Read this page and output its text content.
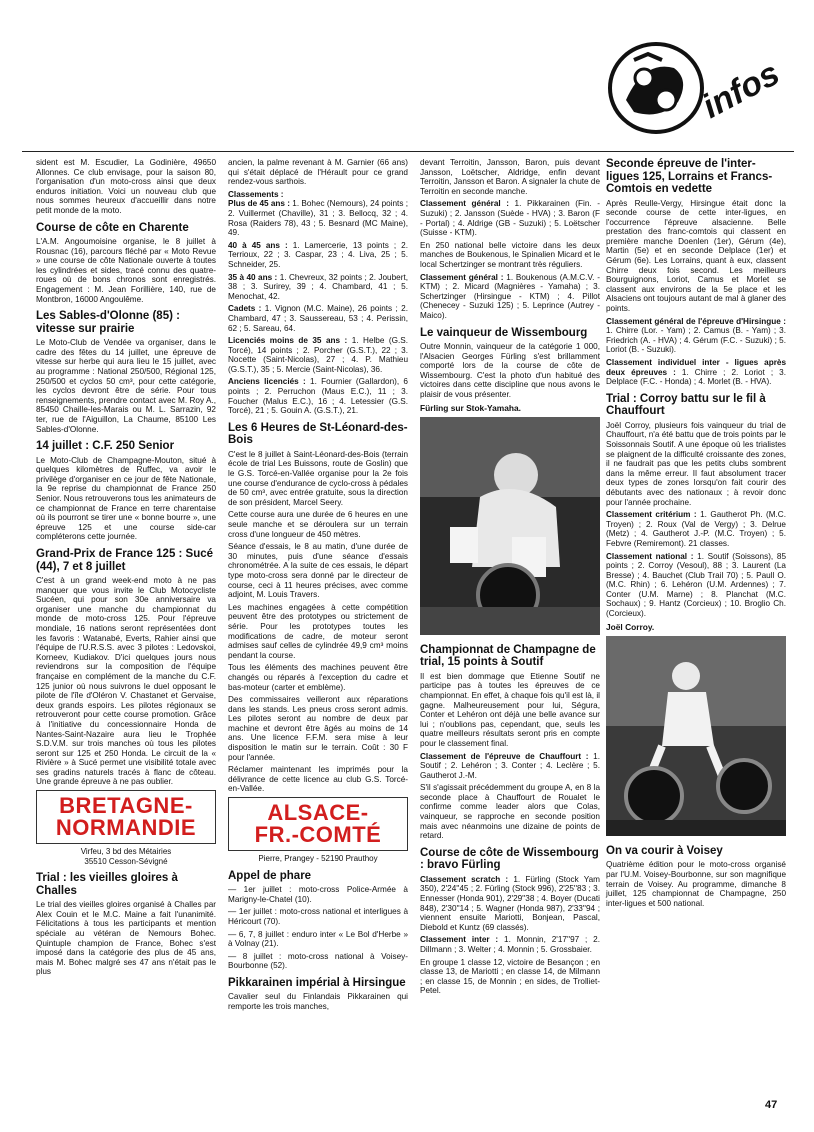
infos

sident est M. Escudier, La Godinière, 49650 Allonnes. Ce club envisage, pour la saison 80, l'organisation d'un moto-cross ainsi que deux enduros initiation. Voici un nouveau club que nous sommes heureux d'accueillir dans notre petit monde de la moto.

Course de côte en Charente

L'A.M. Angoumoisine organise, le 8 juillet à Rousnac (16), parcours fléché par « Moto Revue » une course de côte Nationale ouverte à toutes les cylindrées et sides, tracé connu des quatre-roues où de bons chronos sont enregistrés. Engagement : M. Jean Forillière, 140, rue de Montbron, 16000 Angoulême.

Les Sables-d'Olonne (85) : vitesse sur prairie

Le Moto-Club de Vendée va organiser, dans le cadre des fêtes du 14 juillet, une épreuve de vitesse sur herbe qui aura lieu le 15 juillet, avec au programme : National 250/500, Régional 125, 250/500 et cyclos 50 cm³, pour cette catégorie, les cyclos devront être de série. Pour tous renseignements, prendre contact avec M. Roy A., 85450 Chaille-les-Marais ou M. L. Sarrazin, 92 ter, rue de l'Aiguillon, La Chaume, 85100 Les Sables-d'Olonne.

14 juillet : C.F. 250 Senior

Le Moto-Club de Champagne-Mouton, situé à quelques kilomètres de Ruffec, va avoir le privilège d'organiser en ce jour de fête Nationale, la 9e reprise du championnat de France 250 Senior. Nous retrouverons tous les animateurs de ce championnat de France en terre charentaise où ils pourront se tirer une « bonne bourre », une épreuve 125 et une course side-car compléterons cette journée.

Grand-Prix de France 125 : Sucé (44), 7 et 8 juillet

C'est à un grand week-end moto à ne pas manquer que vous invite le Club Motocycliste Sucéen, qui pour son 30e anniversaire va organiser une manche du championnat du monde de moto-cross 125. Pour l'épreuve mondiale, 16 nations seront représentées dont les favoris : Watanabé, Everts, Rahier ainsi que l'équipe de l'U.R.S.S. avec 3 pilotes : Ledovskoi, Korneev, Kudiakov. D'ici quelques jours nous reviendrons sur la composition de l'équipe française en complément de la manche du C.F. 125 junior où nous suivrons le duel opposant le pilote de l'île d'Oléron V. Chastanet et Gervaise, deux grands espoirs. Les pilotes régionaux se retrouveront pour cette course promotion. Grâce à l'initiative du concessionnaire Honda de Nantes-Saint-Nazaire aura lieu le Trophée S.D.V.M. sur trois manches où tous les pilotes seront sur 125 et 250 Honda. Le circuit de la « Rivière » à Sucé permet une visibilité totale avec ses gradins naturels tracés à flanc de côteau. Une grande épreuve à ne pas oublier.

BRETAGNE-
NORMANDIE
Virfeu, 3 bd des Métairies
35510 Cesson-Sévigné
Trial : les vieilles gloires à Challes

Le trial des vieilles gloires organisé à Challes par Alex Couin et le M.C. Maine a fait l'unanimité. Félicitations à tous les participants et mention spéciale au vétéran de Nemours Bohec. Quintuple champion de France, Bohec s'est imposé dans la catégorie des plus de 45 ans, mais M. Bohec malgré ses 47 ans n'était pas le plus

ancien, la palme revenant à M. Garnier (66 ans) qui s'était déplacé de l'Hérault pour ce grand rendez-vous sarthois.

Classements :

Plus de 45 ans : 1. Bohec (Nemours), 24 points ; 2. Vuillermet (Chaville), 31 ; 3. Bellocq, 32 ; 4. Rosa (Raiders 78), 43 ; 5. Besnard (MC Maine), 49.

40 à 45 ans : 1. Lamercerie, 13 points ; 2. Terrioux, 22 ; 3. Caspar, 23 ; 4. Liva, 25 ; 5. Schneider, 25.

35 à 40 ans : 1. Chevreux, 32 points ; 2. Joubert, 38 ; 3. Surirey, 39 ; 4. Chambard, 41 ; 5. Menochat, 42.

Cadets : 1. Vignon (M.C. Maine), 26 points ; 2. Chambard, 47 ; 3. Saussereau, 53 ; 4. Perissin, 62 ; 5. Sareau, 64.

Licenciés moins de 35 ans : 1. Helbe (G.S. Torcé), 14 points ; 2. Porcher (G.S.T.), 22 ; 3. Nocette (Saint-Nicolas), 27 ; 4. P. Mathieu (G.S.T.), 35 ; 5. Mercie (Saint-Nicolas), 36.

Anciens licenciés : 1. Fournier (Gallardon), 6 points ; 2. Perruchon (Maus E.C.), 11 ; 3. Foucher (Malus E.C.), 16 ; 4. Letessier (G.S. Torcé), 21 ; 5. Gouin A. (G.S.T.), 21.

Les 6 Heures de St-Léonard-des-Bois

C'est le 8 juillet à Saint-Léonard-des-Bois (terrain école de trial Les Buissons, route de Goslin) que le G.S. Torcé-en-Vallée organise pour la 2e fois une course d'endurance de cyclo-cross à pédales de 50 cm³, avec entrée gratuite, sous la direction de son président, Marcel Seery.

Cette course aura une durée de 6 heures en une seule manche et se déroulera sur un terrain cross d'une longueur de 450 mètres.

Séance d'essais, le 8 au matin, d'une durée de 30 minutes, puis d'une séance d'essais chronométrée. A la suite de ces essais, le départ type moto-cross sera donné par le directeur de course, ceci à 11 heures précises, avec comme adjoint, M. Louis Travers.

Les machines engagées à cette compétition peuvent être des prototypes ou strictement de série. Pour les prototypes toutes les modifications de cadre, de moteur seront admises sauf celles de cylindrée 49,9 cm³ moins pendant la course.

Tous les éléments des machines peuvent être changés ou réparés à l'exception du cadre et bas-moteur (carter et emblème).

Des commissaires veilleront aux réparations dans les stands. Les pneus cross seront admis. Les pilotes seront au nombre de deux par machine et devront être âgés au moins de 14 ans. Une licence F.F.M. sera mise à leur disposition le matin sur le terrain. Coût : 30 F pour l'année.

Réclamer maintenant les imprimés pour la délivrance de cette licence au club G.S. Torcé-en-Vallée.

ALSACE-
FR.-COMTÉ
Pierre, Prangey - 52190 Prauthoy
Appel de phare

— 1er juillet : moto-cross Police-Armée à Marigny-le-Chatel (10).

— 1er juillet : moto-cross national et interligues à Héricourt (70).

— 6, 7, 8 juillet : enduro inter « Le Bol d'Herbe » à Volnay (21).

— 8 juillet : moto-cross national à Voisey-Bourbonne (52).

Pikkarainen impérial à Hirsingue

Cavalier seul du Finlandais Pikkarainen qui remporte les trois manches,

devant Terroitin, Jansson, Baron, puis devant Jansson, Loëtscher, Aldridge, enfin devant Terroitin, Jansson et Baron. A signaler la chute de Terroitin en seconde manche.

Classement général : 1. Pikkarainen (Fin. - Suzuki) ; 2. Jansson (Suède - HVA) ; 3. Baron (F - Portal) ; 4. Aldrige (GB - Suzuki) ; 5. Loëtscher (Suisse - KTM).

En 250 national belle victoire dans les deux manches de Boukenous, le Spinalien Micard et le local Schertzinger se montrant très réguliers.

Classement général : 1. Boukenous (A.M.C.V. - KTM) ; 2. Micard (Magnières - Yamaha) ; 3. Schertzinger (Hirsingue - KTM) ; 4. Pillot (Chenecey - Suzuki 125) ; 5. Leprince (Autrey - Maico).

Le vainqueur de Wissembourg

Outre Monnin, vainqueur de la catégorie 1 000, l'Alsacien Georges Fürling s'est brillamment comporté lors de la course de côte de Wissembourg. C'est la photo d'un habitué des victoires dans cette discipline que nous avons le plaisir de vous présenter.

Fürling sur Stok-Yamaha.
Championnat de Champagne de trial, 15 points à Soutif

Il est bien dommage que Etienne Soutif ne participe pas à toutes les épreuves de ce championnat. En effet, à chaque fois qu'il est là, il gagne. Malheureusement pour lui, Ségura, Conter et Lehéron ont déjà une belle avance sur lui ; n'oublions pas, cependant, que, seuls les quatre meilleurs résultats seront pris en compte pour le classement final.

Classement de l'épreuve de Chauffourt : 1. Soutif ; 2. Lehéron ; 3. Conter ; 4. Leclère ; 5. Gautherot J.-M.

S'il s'agissait précédemment du groupe A, en 8 la seconde place à Chauffourt de Roualet le confirme comme leader alors que Colas, vainqueur, se rapproche en seconde position mais avec néanmoins une dizaine de points de retard.

Course de côte de Wissembourg : bravo Fürling

Classement scratch : 1. Fürling (Stock Yam 350), 2'24''45 ; 2. Fürling (Stock 996), 2'25''83 ; 3. Ennesser (Honda 901), 2'29''38 ; 4. Boyer (Ducati 848), 2'30''14 ; 5. Wagner (Honda 987), 2'33''94 ; viennent ensuite Mariotti, Bonjean, Pascal, Diebold et Kuntz (69 classés).

Classement inter : 1. Monnin, 2'17''97 ; 2. Dillmann ; 3. Welter ; 4. Monnin ; 5. Grossbaier.

En groupe 1 classe 12, victoire de Besançon ; en classe 13, de Mariotti ; en classe 14, de Milmann ; en classe 15, de Monnin ; en sides, de Trolliet-Petel.

Seconde épreuve de l'inter-ligues 125, Lorrains et Francs-Comtois en vedette

Après Reulle-Vergy, Hirsingue était donc la seconde course de cette inter-ligues, en l'occurrence l'épreuve alsacienne. Belle prestation des franc-comtois qui classent en première manche Doenlen (1er), Gérum (4e), Martin (5e) et en seconde Delplace (1er) et Gérum (6e). Les Lorrains, quant à eux, classent Chirre deux fois second. Les meilleurs Bourguignons, Loriot, Camus et Morlet se classent aux environs de la 5e place et les Alsaciens ont toujours autant de mal à glaner des points.

Classement général de l'épreuve d'Hirsingue : 1. Chirre (Lor. - Yam) ; 2. Camus (B. - Yam) ; 3. Friedrich (A. - HVA) ; 4. Gérum (F.C. - Suzuki) ; 5. Loriot (B. - Suzuki).

Classement individuel inter - ligues après deux épreuves : 1. Chirre ; 2. Loriot ; 3. Delplace (F.C. - Honda) ; 4. Morlet (B. - HVA).

Trial : Corroy battu sur le fil à Chauffourt

Joël Corroy, plusieurs fois vainqueur du trial de Chauffourt, n'a été battu que de trois points par le Soissonnais Soutif. A une époque où les trialistes se plaignent de la difficulté croissante des zones, il ne faudrait pas que les petits clubs sombrent dans la même erreur. Il faut absolument tracer deux types de zones lorsqu'on fait courir des débutants avec des nationaux ; à revoir donc pour l'année prochaine.

Classement critérium : 1. Gautherot Ph. (M.C. Troyen) ; 2. Roux (Val de Vergy) ; 3. Delrue (Metz) ; 4. Gautherot J.-P. (M.C. Troyen) ; 5. Febvre (Remiremont). 21 classes.

Classement national : 1. Soutif (Soissons), 85 points ; 2. Corroy (Vesoul), 88 ; 3. Laurent (La Bresse) ; 4. Bauchet (Club Trail 70) ; 5. Paull O. (M.C. Rhin) ; 6. Lehéron (U.M. Ardennes) ; 7. Conter (U.M. Marne) ; 8. Planchat (M.C. Sochaux) ; 9. Hantz (Corcieux) ; 10. Broglio Ch. (Corcieux).

Joël Corroy.
On va courir à Voisey

Quatrième édition pour le moto-cross organisé par l'U.M. Voisey-Bourbonne, sur son magnifique terrain de Voisey. Au programme, dimanche 8 juillet, 125 championnat de Champagne, 250 inter-ligues et 500 national.

47
